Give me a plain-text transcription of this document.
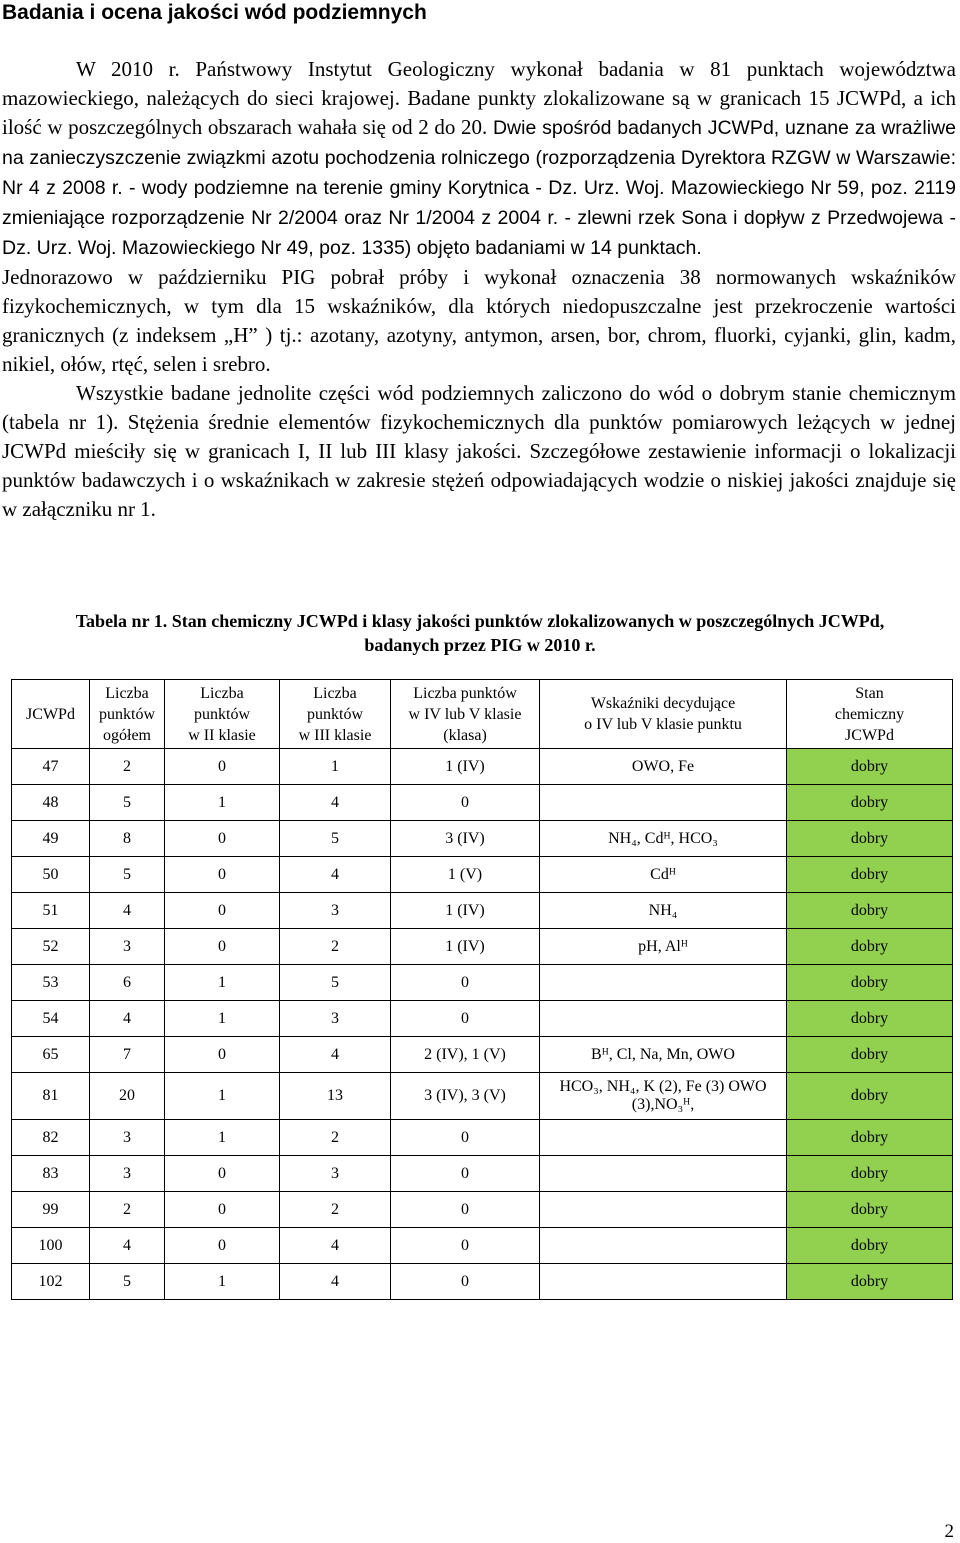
Badania i ocena jakości wód podziemnych

W 2010 r. Państwowy Instytut Geologiczny wykonał badania w 81 punktach województwa mazowieckiego, należących do sieci krajowej. Badane punkty zlokalizowane są w granicach 15 JCWPd, a ich ilość w poszczególnych obszarach wahała się od 2 do 20. Dwie spośród badanych JCWPd, uznane za wrażliwe na zanieczyszczenie związkmi azotu pochodzenia rolniczego (rozporządzenia Dyrektora RZGW w Warszawie: Nr 4 z 2008 r. - wody podziemne na terenie gminy Korytnica - Dz. Urz. Woj. Mazowieckiego Nr 59, poz. 2119 zmieniające rozporządzenie Nr 2/2004 oraz Nr 1/2004 z 2004 r. - zlewni rzek Sona i dopływ z Przedwojewa - Dz. Urz. Woj. Mazowieckiego Nr 49, poz. 1335) objęto badaniami w 14 punktach.

Jednorazowo w październiku PIG pobrał próby i wykonał oznaczenia 38 normowanych wskaźników fizykochemicznych, w tym dla 15 wskaźników, dla których niedopuszczalne jest przekroczenie wartości granicznych (z indeksem „H” ) tj.: azotany, azotyny, antymon, arsen, bor, chrom, fluorki, cyjanki, glin, kadm, nikiel, ołów, rtęć, selen i srebro.

Wszystkie badane jednolite części wód podziemnych zaliczono do wód o dobrym stanie chemicznym (tabela nr 1). Stężenia średnie elementów fizykochemicznych dla punktów pomiarowych leżących w jednej JCWPd mieściły się w granicach I, II lub III klasy jakości. Szczegółowe zestawienie informacji o lokalizacji punktów badawczych i o wskaźnikach w zakresie stężeń odpowiadających wodzie o niskiej jakości znajduje się w załączniku nr 1.

Tabela nr 1. Stan chemiczny JCWPd i klasy jakości punktów zlokalizowanych w poszczególnych JCWPd,
badanych przez PIG w 2010 r.
JCWPd	Liczba
punktów
ogółem	Liczba
punktów
w II klasie	Liczba
punktów
w III klasie	Liczba punktów
w IV lub V klasie
(klasa)	Wskaźniki decydujące
o IV lub V klasie punktu	Stan
chemiczny
JCWPd
47	2	0	1	1 (IV)	OWO, Fe	dobry
48	5	1	4	0		dobry
49	8	0	5	3 (IV)	NH₄, Cdᴴ, HCO₃	dobry
50	5	0	4	1 (V)	Cdᴴ	dobry
51	4	0	3	1 (IV)	NH₄	dobry
52	3	0	2	1 (IV)	pH, Alᴴ	dobry
53	6	1	5	0		dobry
54	4	1	3	0		dobry
65	7	0	4	2 (IV), 1 (V)	Bᴴ, Cl, Na, Mn, OWO	dobry
81	20	1	13	3 (IV), 3 (V)	HCO₃, NH₄, K (2), Fe (3) OWO (3),NO₃ᴴ,	dobry
82	3	1	2	0		dobry
83	3	0	3	0		dobry
99	2	0	2	0		dobry
100	4	0	4	0		dobry
102	5	1	4	0		dobry
2
